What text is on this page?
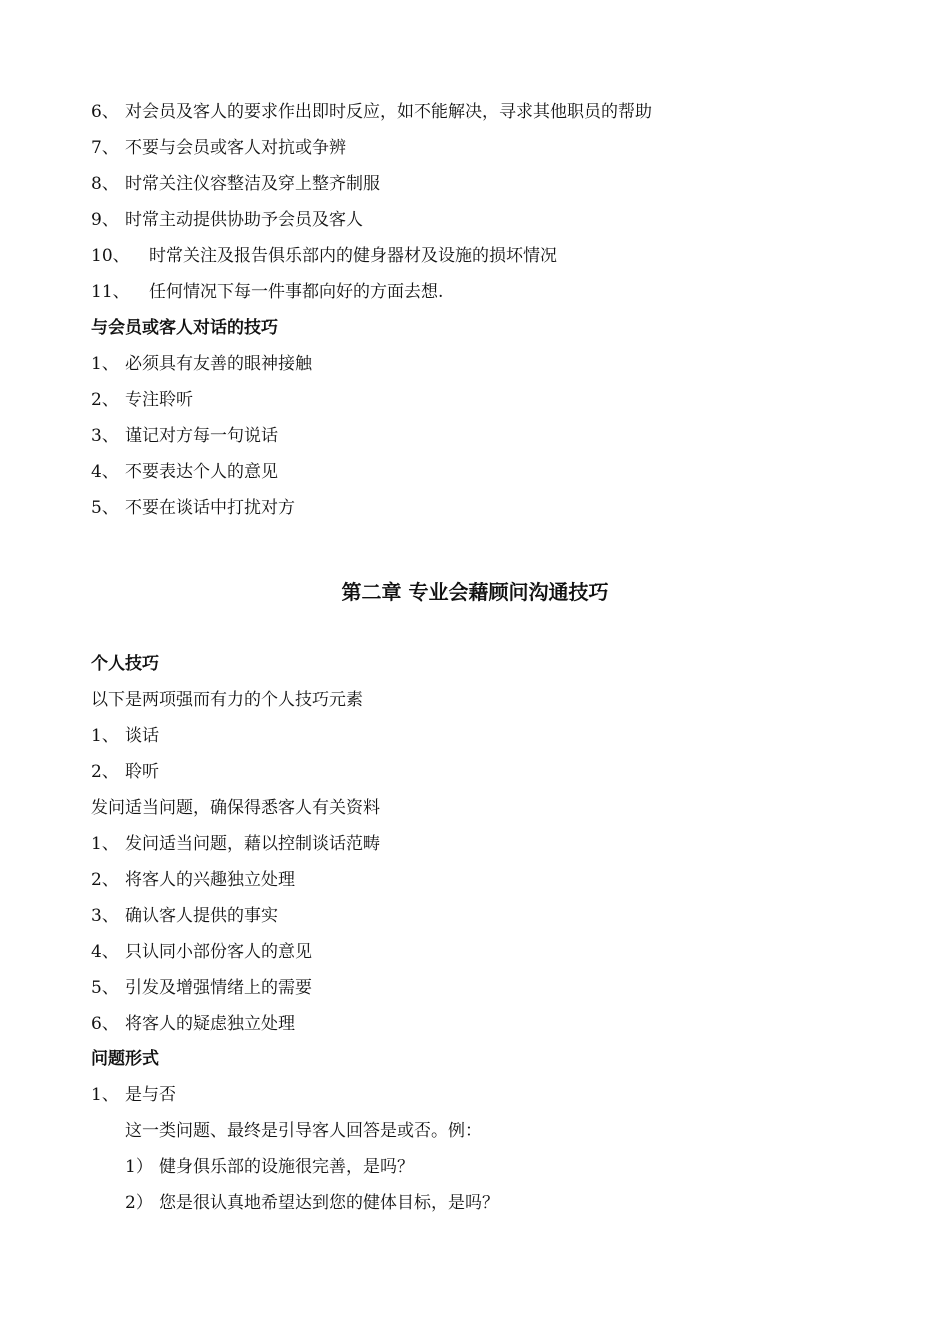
6、 对会员及客人的要求作出即时反应，如不能解决，寻求其他职员的帮助
7、 不要与会员或客人对抗或争辨
8、 时常关注仪容整洁及穿上整齐制服
9、 时常主动提供协助予会员及客人
10、 时常关注及报告俱乐部内的健身器材及设施的损坏情况
11、 任何情况下每一件事都向好的方面去想.
与会员或客人对话的技巧
1、 必须具有友善的眼神接触
2、 专注聆听
3、 谨记对方每一句说话
4、 不要表达个人的意见
5、 不要在谈话中打扰对方
第二章 专业会藉顾问沟通技巧
个人技巧
以下是两项强而有力的个人技巧元素
1、 谈话
2、 聆听
发问适当问题，确保得悉客人有关资料
1、 发问适当问题，藉以控制谈话范畴
2、 将客人的兴趣独立处理
3、 确认客人提供的事实
4、 只认同小部份客人的意见
5、 引发及增强情绪上的需要
6、 将客人的疑虑独立处理
问题形式
1、 是与否
这一类问题、最终是引导客人回答是或否。例：
1） 健身俱乐部的设施很完善，是吗？
2） 您是很认真地希望达到您的健体目标，是吗？
